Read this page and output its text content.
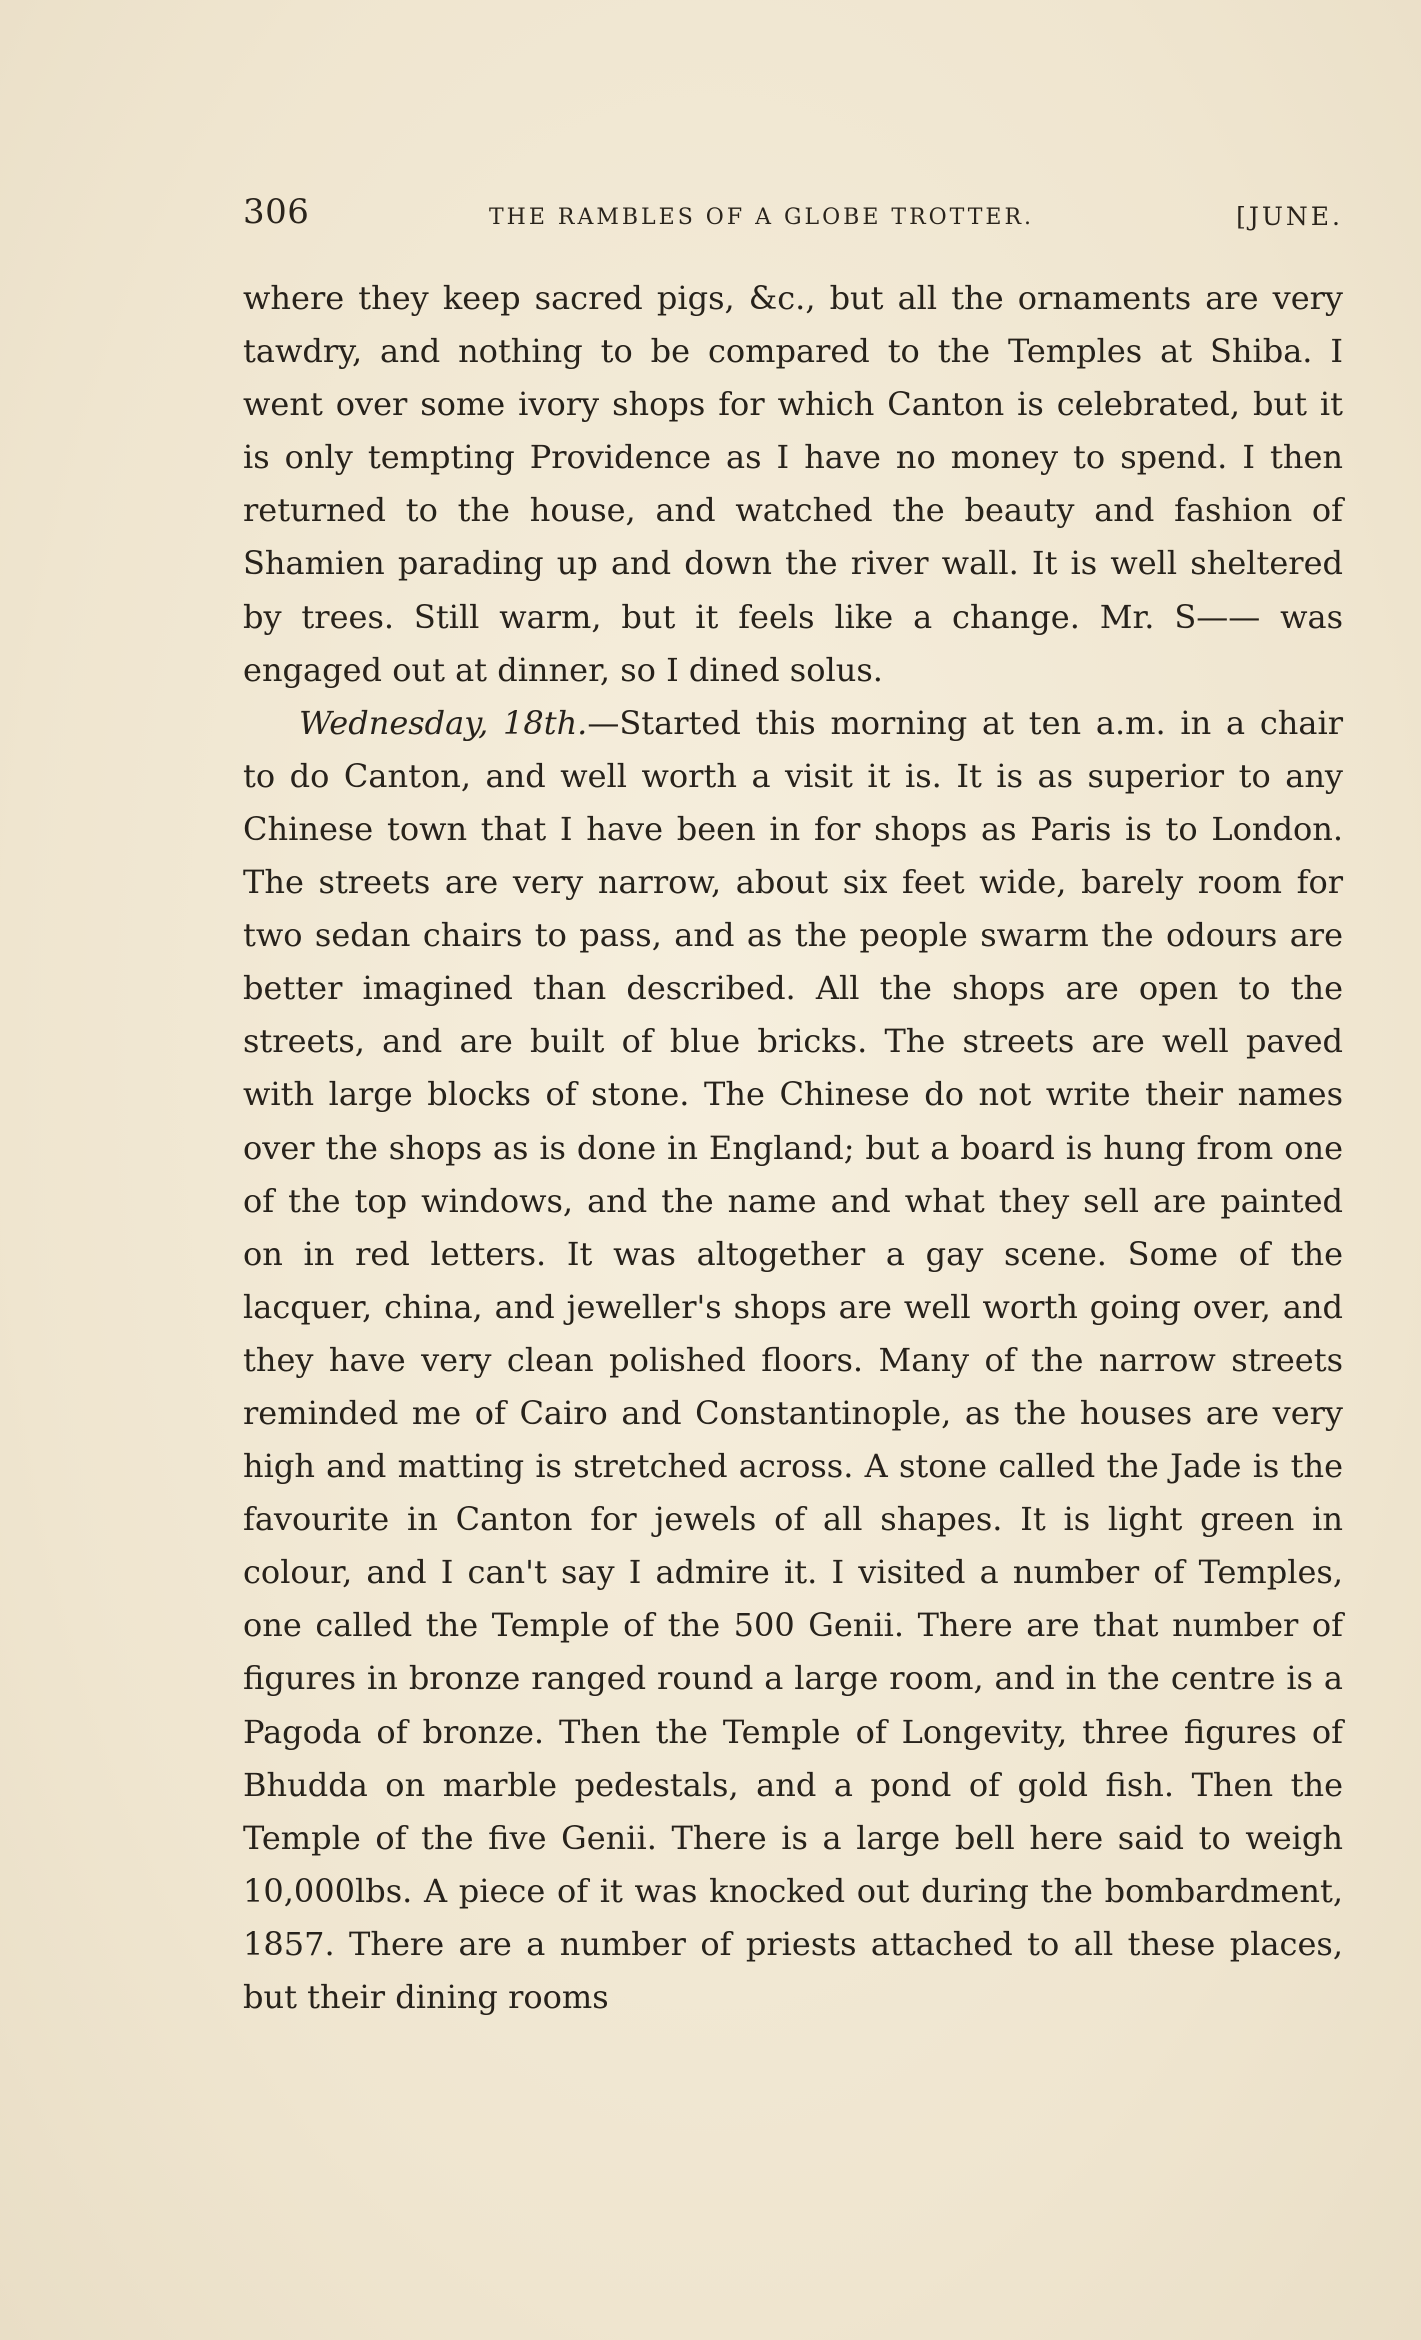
306	THE RAMBLES OF A GLOBE TROTTER.	[JUNE.

where they keep sacred pigs, &c., but all the ornaments are very tawdry, and nothing to be compared to the Temples at Shiba. I went over some ivory shops for which Canton is celebrated, but it is only tempting Providence as I have no money to spend. I then returned to the house, and watched the beauty and fashion of Shamien parading up and down the river wall. It is well sheltered by trees. Still warm, but it feels like a change. Mr. S—— was engaged out at dinner, so I dined solus.

Wednesday, 18th.—Started this morning at ten a.m. in a chair to do Canton, and well worth a visit it is. It is as superior to any Chinese town that I have been in for shops as Paris is to London. The streets are very narrow, about six feet wide, barely room for two sedan chairs to pass, and as the people swarm the odours are better imagined than described. All the shops are open to the streets, and are built of blue bricks. The streets are well paved with large blocks of stone. The Chinese do not write their names over the shops as is done in England; but a board is hung from one of the top windows, and the name and what they sell are painted on in red letters. It was altogether a gay scene. Some of the lacquer, china, and jeweller's shops are well worth going over, and they have very clean polished floors. Many of the narrow streets reminded me of Cairo and Constantinople, as the houses are very high and matting is stretched across. A stone called the Jade is the favourite in Canton for jewels of all shapes. It is light green in colour, and I can't say I admire it. I visited a number of Temples, one called the Temple of the 500 Genii. There are that number of figures in bronze ranged round a large room, and in the centre is a Pagoda of bronze. Then the Temple of Longevity, three figures of Bhudda on marble pedestals, and a pond of gold fish. Then the Temple of the five Genii. There is a large bell here said to weigh 10,000lbs. A piece of it was knocked out during the bombardment, 1857. There are a number of priests attached to all these places, but their dining rooms
